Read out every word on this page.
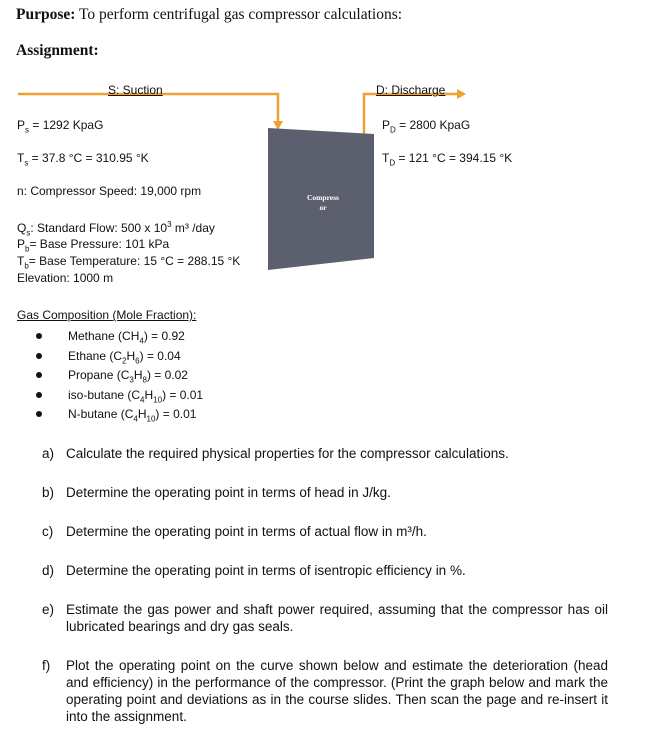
Purpose: To perform centrifugal gas compressor calculations:
Assignment:
Compress
or
S: Suction	D: Discharge
$P_s = 1292$ KpaG
$T_s = 37.8$ °C = 310.95 °K
n: Compressor Speed: 19,000 rpm
$Q_s$: Standard Flow: 500 x $10^3$ m³ /day
$P_b=$ Base Pressure: 101 kPa
$T_b=$ Base Temperature: 15 °C = 288.15 °K
Elevation: 1000 m
$P_D = 2800$ KpaG
$T_D = 121$ °C = 394.15 °K
Gas Composition (Mole Fraction):
Methane $(CH_4) = 0.92$
Ethane $(C_2H_6) = 0.04$
Propane $(C_3H_8) = 0.02$
iso-butane $(C_4H_{10}) = 0.01$
N-butane $(C_4H_{10}) = 0.01$
a) Calculate the required physical properties for the compressor calculations.
b) Determine the operating point in terms of head in J/kg.
c) Determine the operating point in terms of actual flow in m³/h.
d) Determine the operating point in terms of isentropic efficiency in %.
e) Estimate the gas power and shaft power required, assuming that the compressor has oil lubricated bearings and dry gas seals.
f) Plot the operating point on the curve shown below and estimate the deterioration (head and efficiency) in the performance of the compressor. (Print the graph below and mark the operating point and deviations as in the course slides. Then scan the page and re-insert it into the assignment.
